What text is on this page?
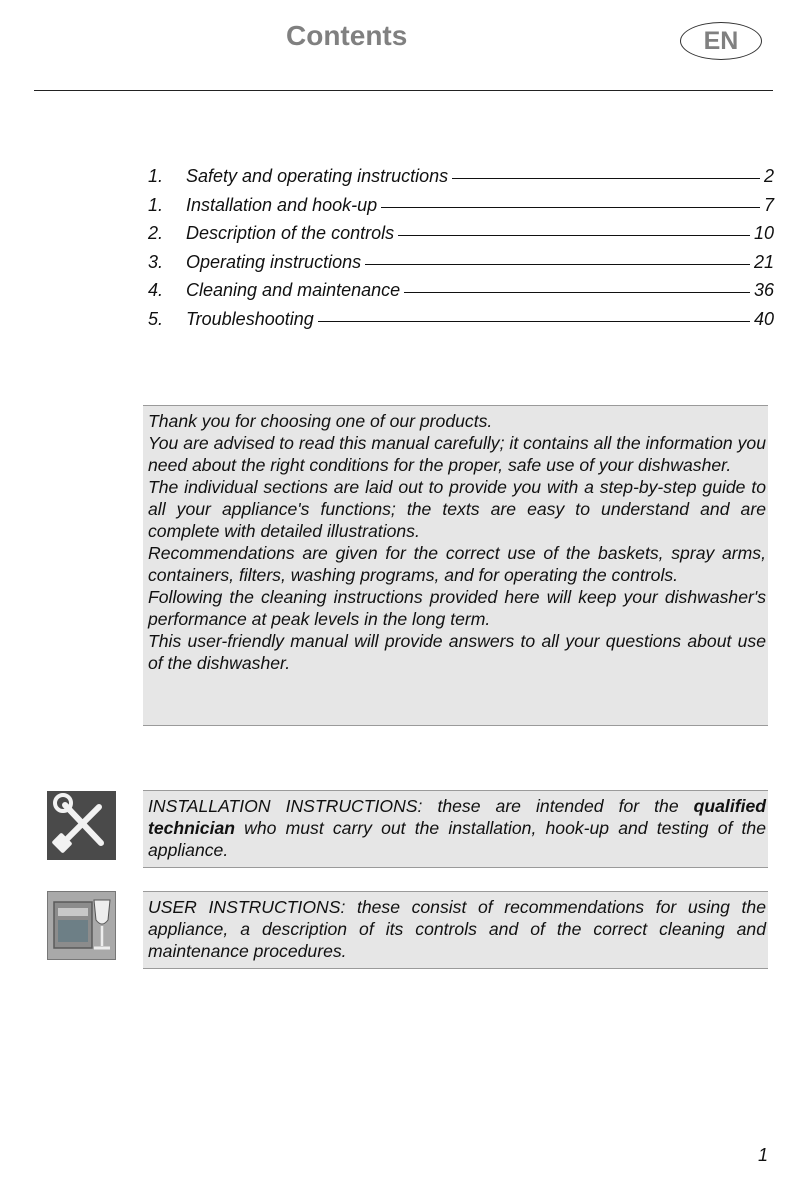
Contents	EN
1.	Safety and operating instructions	2
1.	Installation and hook-up	7
2.	Description of the controls	10
3.	Operating instructions	21
4.	Cleaning and maintenance	36
5.	Troubleshooting	40

Thank you for choosing one of our products.

You are advised to read this manual carefully; it contains all the information you need about the right conditions for the proper, safe use of your dishwasher.

The individual sections are laid out to provide you with a step-by-step guide to all your appliance's functions; the texts are easy to understand and are complete with detailed illustrations.

Recommendations are given for the correct use of the baskets, spray arms, containers, filters, washing programs, and for operating the controls.

Following the cleaning instructions provided here will keep your dishwasher's performance at peak levels in the long term.

This user-friendly manual will provide answers to all your questions about use of the dishwasher.

INSTALLATION INSTRUCTIONS: these are intended for the qualified technician who must carry out the installation, hook-up and testing of the appliance.

USER INSTRUCTIONS: these consist of recommendations for using the appliance, a description of its controls and of the correct cleaning and maintenance procedures.

1
